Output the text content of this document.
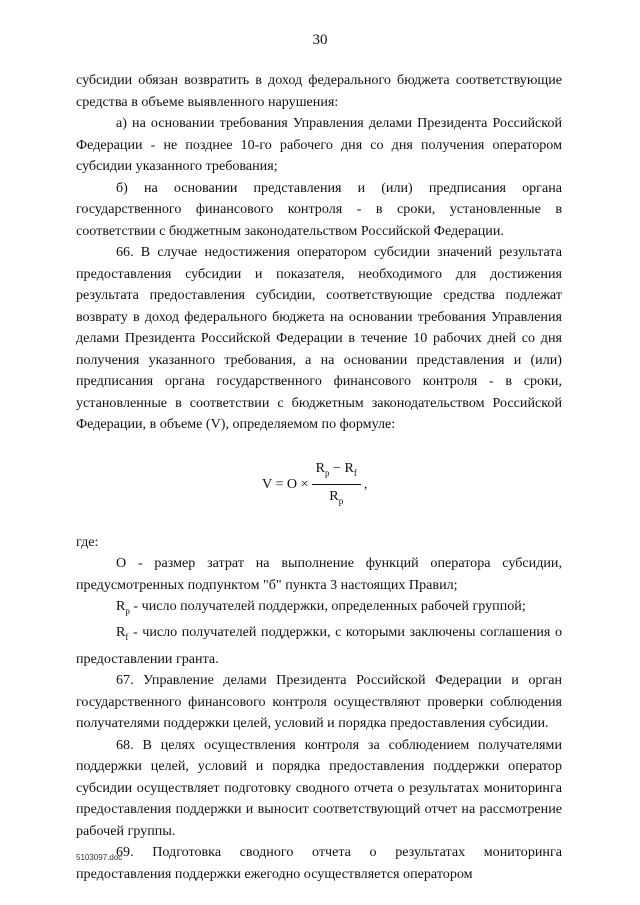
30

субсидии обязан возвратить в доход федерального бюджета соответствующие средства в объеме выявленного нарушения:

а) на основании требования Управления делами Президента Российской Федерации - не позднее 10-го рабочего дня со дня получения оператором субсидии указанного требования;

б) на основании представления и (или) предписания органа государственного финансового контроля - в сроки, установленные в соответствии с бюджетным законодательством Российской Федерации.

66. В случае недостижения оператором субсидии значений результата предоставления субсидии и показателя, необходимого для достижения результата предоставления субсидии, соответствующие средства подлежат возврату в доход федерального бюджета на основании требования Управления делами Президента Российской Федерации в течение 10 рабочих дней со дня получения указанного требования, а на основании представления и (или) предписания органа государственного финансового контроля - в сроки, установленные в соответствии с бюджетным законодательством Российской Федерации, в объеме (V), определяемом по формуле:

$V = O \times \frac{R_p - R_f}{R_p}$ ,

где:

O - размер затрат на выполнение функций оператора субсидии, предусмотренных подпунктом "б" пункта 3 настоящих Правил;

$R_p$ - число получателей поддержки, определенных рабочей группой;

$R_f$ - число получателей поддержки, с которыми заключены соглашения о предоставлении гранта.

67. Управление делами Президента Российской Федерации и орган государственного финансового контроля осуществляют проверки соблюдения получателями поддержки целей, условий и порядка предоставления субсидии.

68. В целях осуществления контроля за соблюдением получателями поддержки целей, условий и порядка предоставления поддержки оператор субсидии осуществляет подготовку сводного отчета о результатах мониторинга предоставления поддержки и выносит соответствующий отчет на рассмотрение рабочей группы.

69. Подготовка сводного отчета о результатах мониторинга предоставления поддержки ежегодно осуществляется оператором

5103097.doc
